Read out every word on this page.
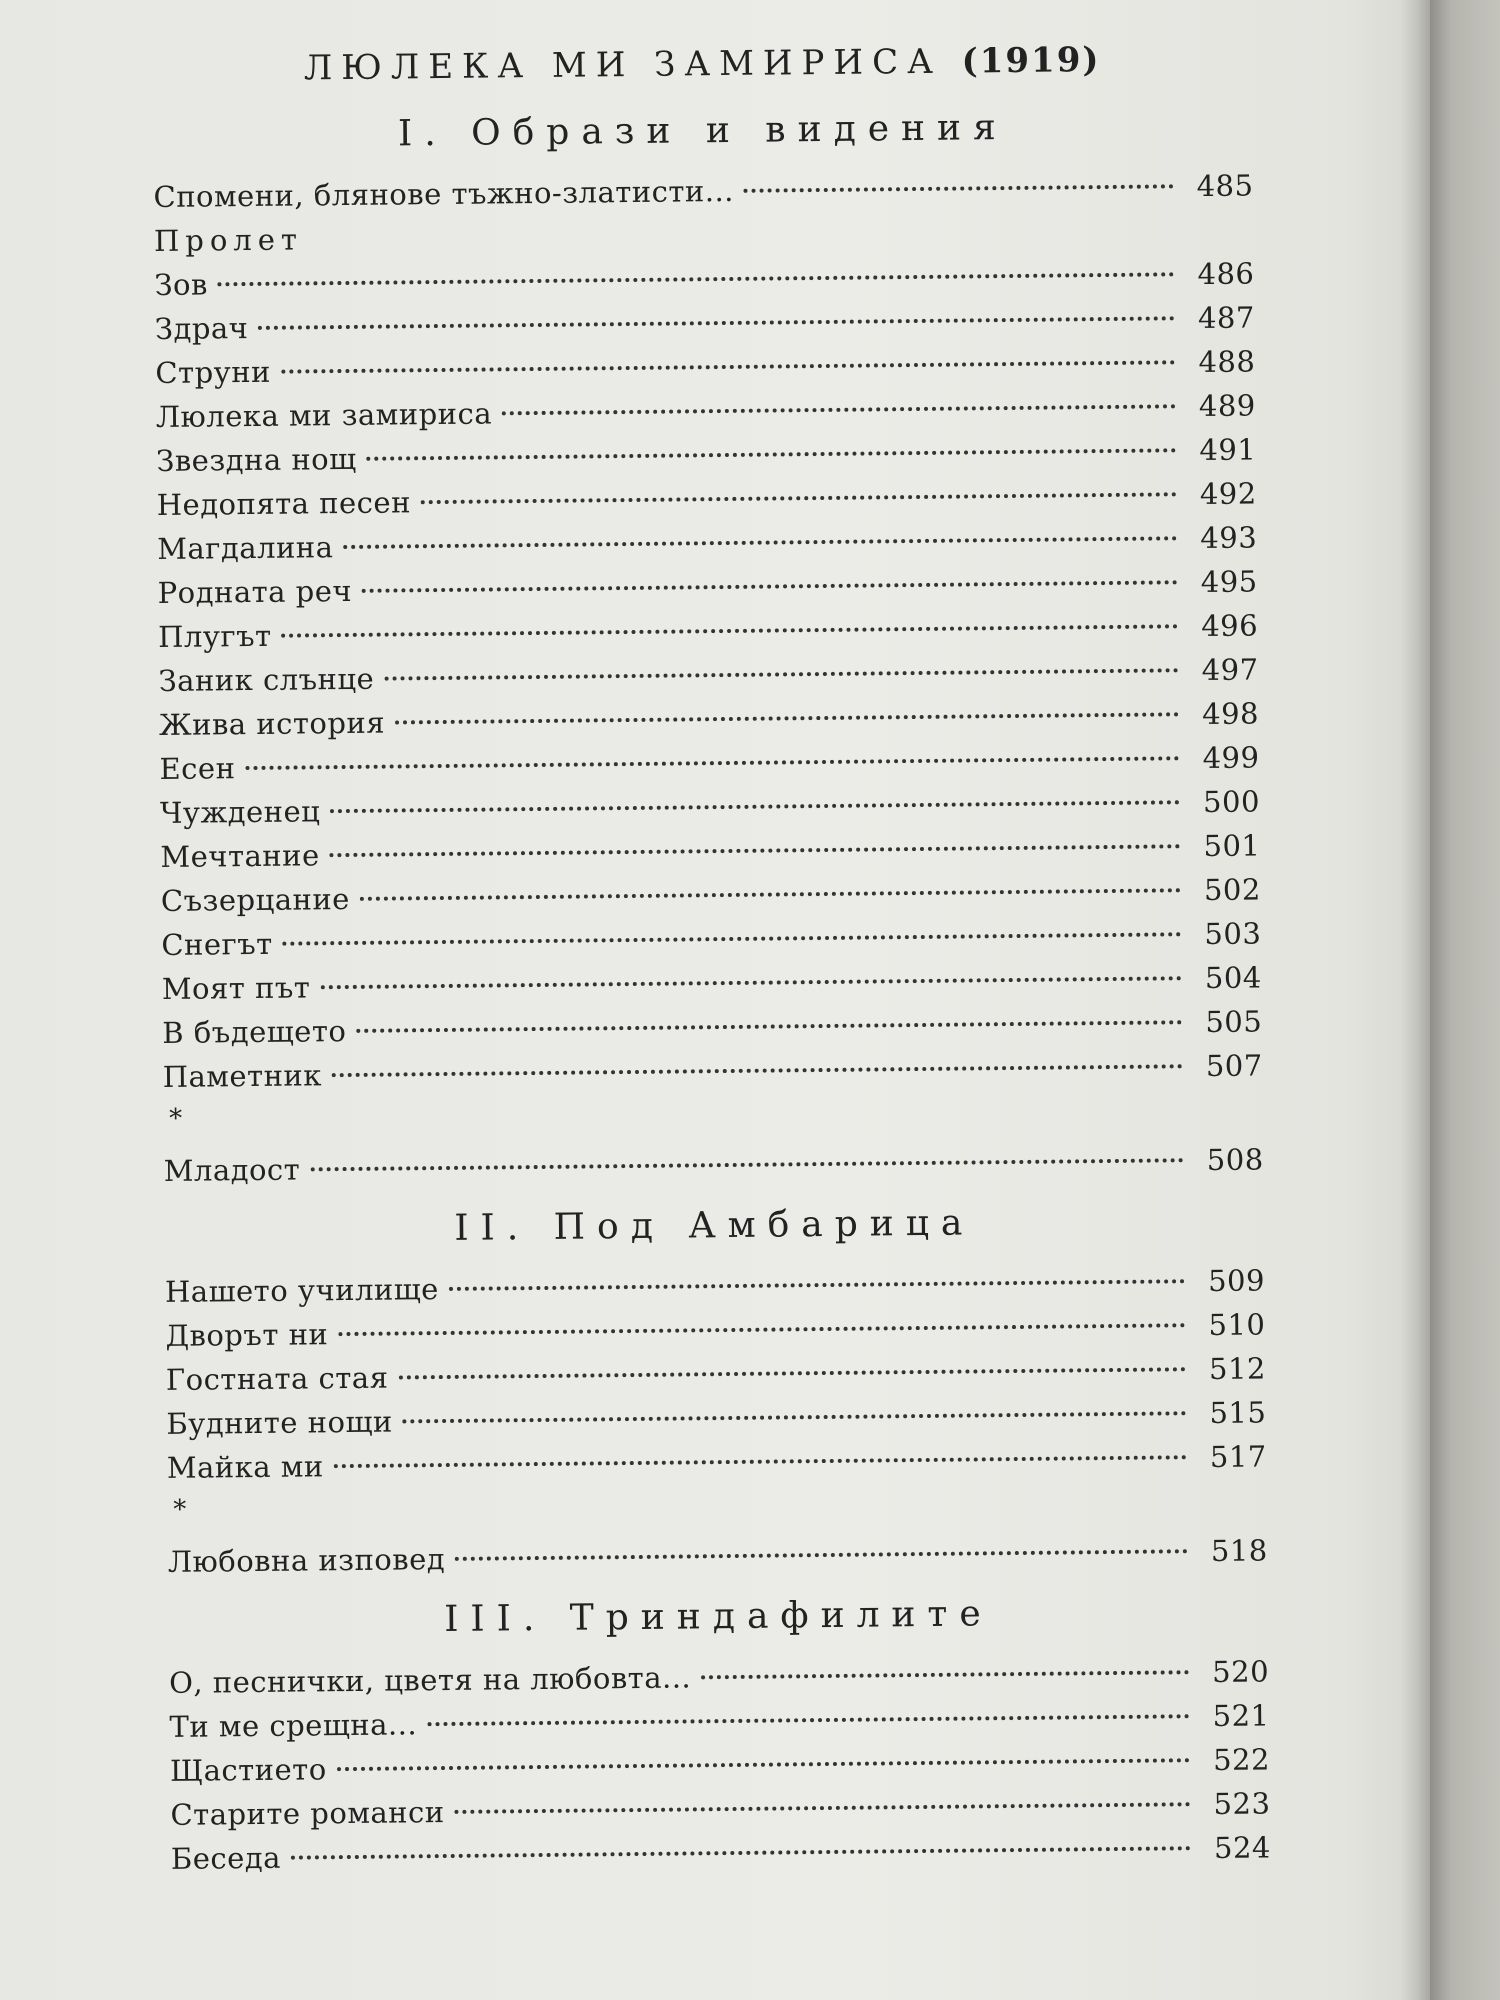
ЛЮЛЕКА МИ ЗАМИРИСА (1919)
I. Образи и видения
Спомени, блянове тъжно-златисти...	485
Пролет
Зов	486
Здрач	487
Струни	488
Люлека ми замириса	489
Звездна нощ	491
Недопята песен	492
Магдалина	493
Родната реч	495
Плугът	496
Заник слънце	497
Жива история	498
Есен	499
Чужденец	500
Мечтание	501
Съзерцание	502
Снегът	503
Моят път	504
В бъдещето	505
Паметник	507
*
Младост	508
II. Под Амбарица
Нашето училище	509
Дворът ни	510
Гостната стая	512
Будните нощи	515
Майка ми	517
*
Любовна изповед	518
III. Триндафилите
О, песнички, цветя на любовта...	520
Ти ме срещна...	521
Щастието	522
Старите романси	523
Беседа	524
